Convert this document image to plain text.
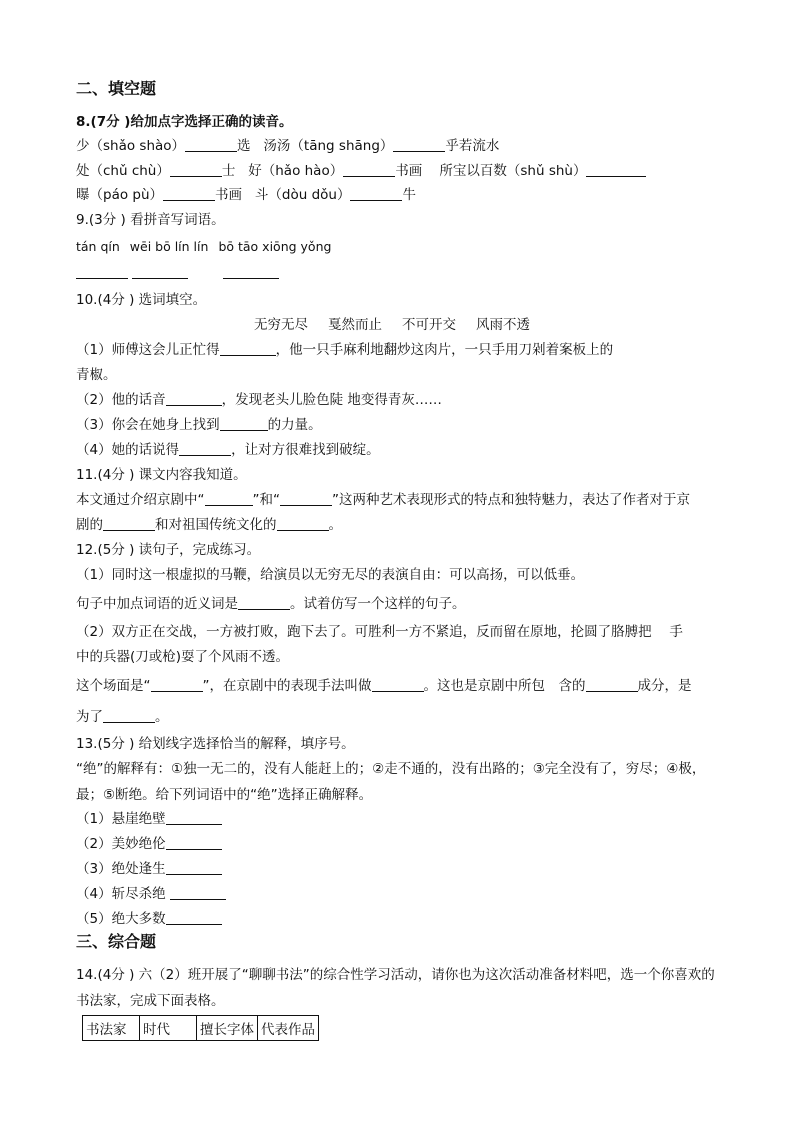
二、填空题
8.(7分 )给加点字选择正确的读音。
少（shǎo shào）	选 汤汤（tāng shāng）	乎若流水
处（chǔ chù）	士 好（hǎo hào）	书画 所宝以百数（shǔ shù）
曝（páo pù）	书画 斗（dòu dǒu）	牛
9.(3分 ) 看拼音写词语。
tán qín wēi bō lín lín bō tāo xiōng yǒng

10.(4分 ) 选词填空。
无穷无尽 戛然而止 不可开交 风雨不透
（1）师傅这会儿正忙得	，他一只手麻利地翻炒这肉片，一只手用刀剁着案板上的
青椒。
（2）他的话音	，发现老头儿脸色陡 地变得青灰……
（3）你会在她身上找到	的力量。
（4）她的话说得	，让对方很难找到破绽。
11.(4分 ) 课文内容我知道。
本文通过介绍京剧中“	”和“	”这两种艺术表现形式的特点和独特魅力，表达了作者对于京
剧的	和对祖国传统文化的	。
12.(5分 ) 读句子，完成练习。
（1）同时这一根虚拟的马鞭，给演员以无穷无尽的表演自由：可以高扬，可以低垂。
句子中加点词语的近义词是	。试着仿写一个这样的句子。
（2）双方正在交战，一方被打败，跑下去了。可胜利一方不紧追，反而留在原地，抡圆了胳膊把　 手
中的兵器(刀或枪)耍了个风雨不透。
这个场面是“	”，在京剧中的表现手法叫做	。这也是京剧中所包　含的	成分，是
为了	。
13.(5分 ) 给划线字选择恰当的解释，填序号。
“绝”的解释有：①独一无二的，没有人能赶上的；②走不通的，没有出路的；③完全没有了，穷尽；④极，最；⑤断绝。给下列词语中的“绝”选择正确解释。
（1）悬崖绝壁
（2）美妙绝伦
（3）绝处逢生
（4）斩尽杀绝
（5）绝大多数
三、综合题
14.(4分 ) 六（2）班开展了“聊聊书法”的综合性学习活动，请你也为这次活动准备材料吧，选一个你喜欢的书法家，完成下面表格。
书法家	时代	擅长字体	代表作品
